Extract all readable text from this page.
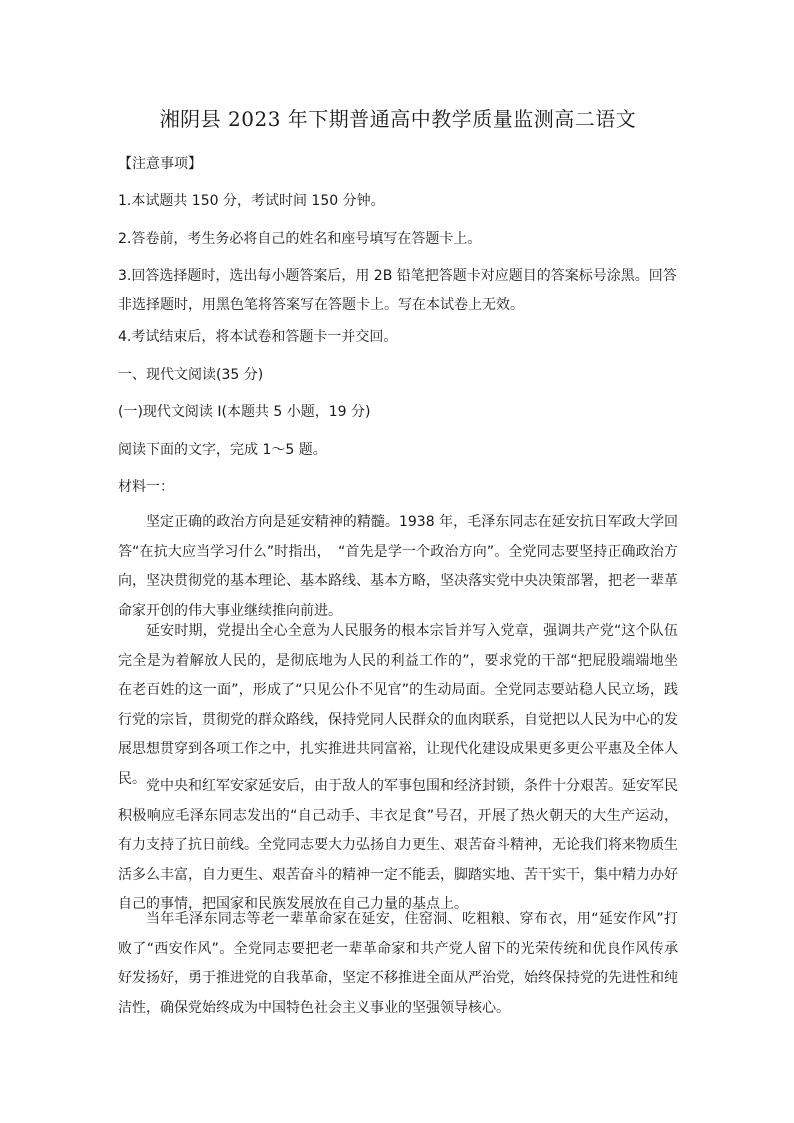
湘阴县 2023 年下期普通高中教学质量监测高二语文
【注意事项】
1.本试题共 150 分，考试时间 150 分钟。
2.答卷前，考生务必将自己的姓名和座号填写在答题卡上。
3.回答选择题时，选出每小题答案后，用 2B 铅笔把答题卡对应题目的答案标号涂黑。回答非选择题时，用黑色笔将答案写在答题卡上。写在本试卷上无效。
4.考试结束后，将本试卷和答题卡一并交回。
一、现代文阅读(35 分)
(一)现代文阅读 I(本题共 5 小题，19 分)
阅读下面的文字，完成 1～5 题。
材料一：
坚定正确的政治方向是延安精神的精髓。1938 年，毛泽东同志在延安抗日军政大学回答“在抗大应当学习什么”时指出，　“首先是学一个政治方向”。全党同志要坚持正确政治方向，坚决贯彻党的基本理论、基本路线、基本方略，坚决落实党中央决策部署，把老一辈革命家开创的伟大事业继续推向前进。
延安时期，党提出全心全意为人民服务的根本宗旨并写入党章，强调共产党“这个队伍完全是为着解放人民的，是彻底地为人民的利益工作的”，要求党的干部“把屁股端端地坐在老百姓的这一面”，形成了“只见公仆不见官”的生动局面。全党同志要站稳人民立场，践行党的宗旨，贯彻党的群众路线，保持党同人民群众的血肉联系，自觉把以人民为中心的发展思想贯穿到各项工作之中，扎实推进共同富裕，让现代化建设成果更多更公平惠及全体人民。 党中央和红军安家延安后，由于敌人的军事包围和经济封锁，条件十分艰苦。延安军民积极响应毛泽东同志发出的“自己动手、丰衣足食”号召，开展了热火朝天的大生产运动，有力支持了抗日前线。全党同志要大力弘扬自力更生、艰苦奋斗精神，无论我们将来物质生活多么丰富，自力更生、艰苦奋斗的精神一定不能丢，脚踏实地、苦干实干，集中精力办好自己的事情，把国家和民族发展放在自己力量的基点上。
当年毛泽东同志等老一辈革命家在延安，住窑洞、吃粗粮、穿布衣，用“延安作风”打败了“西安作风”。全党同志要把老一辈革命家和共产党人留下的光荣传统和优良作风传承好发扬好，勇于推进党的自我革命，坚定不移推进全面从严治党，始终保持党的先进性和纯洁性，确保党始终成为中国特色社会主义事业的坚强领导核心。
